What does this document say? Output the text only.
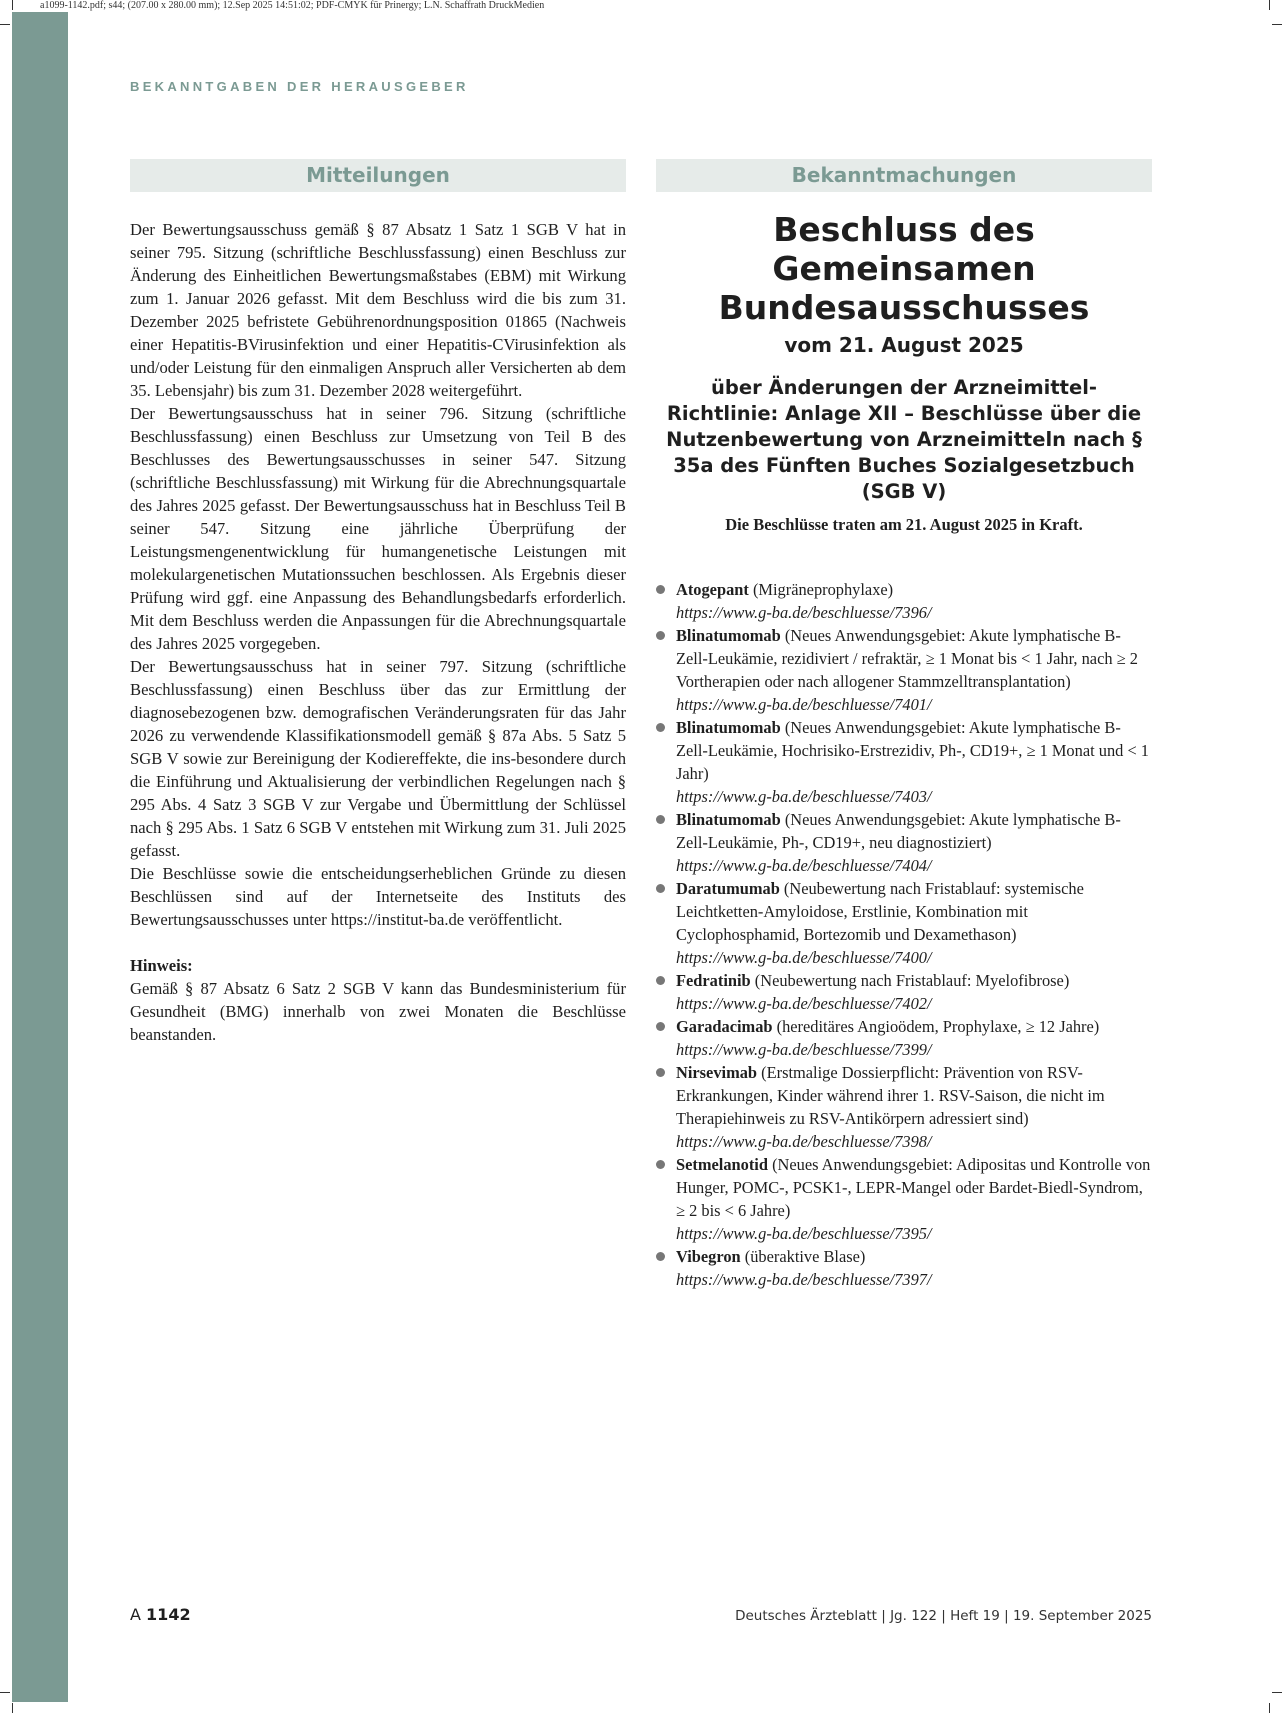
a1099-1142.pdf; s44; (207.00 x 280.00 mm); 12.Sep 2025 14:51:02; PDF-CMYK für Prinergy; L.N. Schaffrath DruckMedien
BEKANNTGABEN DER HERAUSGEBER
Mitteilungen	Bekanntmachungen

Der Bewertungsausschuss gemäß § 87 Absatz 1 Satz 1 SGB V hat in seiner 795. Sitzung (schriftliche Beschlussfassung) einen Beschluss zur Änderung des Einheitlichen Bewertungsmaßstabes (EBM) mit Wirkung zum 1. Januar 2026 gefasst. Mit dem Beschluss wird die bis zum 31. Dezember 2025 befristete Gebührenordnungsposition 01865 (Nachweis einer Hepatitis-BVirusinfektion und einer Hepatitis-CVirusinfektion als und/oder Leistung für den einmaligen Anspruch aller Versicherten ab dem 35. Lebensjahr) bis zum 31. Dezember 2028 weitergeführt.

Der Bewertungsausschuss hat in seiner 796. Sitzung (schriftliche Beschlussfassung) einen Beschluss zur Umsetzung von Teil B des Beschlusses des Bewertungsausschusses in seiner 547. Sitzung (schriftliche Beschlussfassung) mit Wirkung für die Abrechnungsquartale des Jahres 2025 gefasst. Der Bewertungsausschuss hat in Beschluss Teil B seiner 547. Sitzung eine jährliche Überprüfung der Leistungsmengenentwicklung für humangenetische Leistungen mit molekulargenetischen Mutationssuchen beschlossen. Als Ergebnis dieser Prüfung wird ggf. eine Anpassung des Behandlungsbedarfs erforderlich. Mit dem Beschluss werden die Anpassungen für die Abrechnungsquartale des Jahres 2025 vorgegeben.

Der Bewertungsausschuss hat in seiner 797. Sitzung (schriftliche Beschlussfassung) einen Beschluss über das zur Ermittlung der diagnosebezogenen bzw. demografischen Veränderungsraten für das Jahr 2026 zu verwendende Klassifikationsmodell gemäß § 87a Abs. 5 Satz 5 SGB V sowie zur Bereinigung der Kodiereffekte, die ins-besondere durch die Einführung und Aktualisierung der verbindlichen Regelungen nach § 295 Abs. 4 Satz 3 SGB V zur Vergabe und Übermittlung der Schlüssel nach § 295 Abs. 1 Satz 6 SGB V entstehen mit Wirkung zum 31. Juli 2025 gefasst.

Die Beschlüsse sowie die entscheidungserheblichen Gründe zu diesen Beschlüssen sind auf der Internetseite des Instituts des Bewertungsausschusses unter https://institut-ba.de veröffentlicht.

Hinweis:

Gemäß § 87 Absatz 6 Satz 2 SGB V kann das Bundesministerium für Gesundheit (BMG) innerhalb von zwei Monaten die Beschlüsse beanstanden.

Beschluss des Gemeinsamen Bundesausschusses

vom 21. August 2025

über Änderungen der Arzneimittel-Richtlinie: Anlage XII – Beschlüsse über die Nutzenbewertung von Arzneimitteln nach § 35a des Fünften Buches Sozialgesetzbuch (SGB V)

Die Beschlüsse traten am 21. August 2025 in Kraft.

Atogepant (Migräneprophylaxe)
https://www.g-ba.de/beschluesse/7396/
Blinatumomab (Neues Anwendungsgebiet: Akute lymphatische B-Zell-Leukämie, rezidiviert / refraktär, ≥ 1 Monat bis < 1 Jahr, nach ≥ 2 Vortherapien oder nach allogener Stammzelltransplantation)
https://www.g-ba.de/beschluesse/7401/
Blinatumomab (Neues Anwendungsgebiet: Akute lymphatische B-Zell-Leukämie, Hochrisiko-Erstrezidiv, Ph-, CD19+, ≥ 1 Monat und < 1 Jahr)
https://www.g-ba.de/beschluesse/7403/
Blinatumomab (Neues Anwendungsgebiet: Akute lymphatische B-Zell-Leukämie, Ph-, CD19+, neu diagnostiziert)
https://www.g-ba.de/beschluesse/7404/
Daratumumab (Neubewertung nach Fristablauf: systemische Leichtketten-Amyloidose, Erstlinie, Kombination mit Cyclophosphamid, Bortezomib und Dexamethason)
https://www.g-ba.de/beschluesse/7400/
Fedratinib (Neubewertung nach Fristablauf: Myelofibrose)
https://www.g-ba.de/beschluesse/7402/
Garadacimab (hereditäres Angioödem, Prophylaxe, ≥ 12 Jahre)
https://www.g-ba.de/beschluesse/7399/
Nirsevimab (Erstmalige Dossierpflicht: Prävention von RSV-Erkrankungen, Kinder während ihrer 1. RSV-Saison, die nicht im Therapiehinweis zu RSV-Antikörpern adressiert sind)
https://www.g-ba.de/beschluesse/7398/
Setmelanotid (Neues Anwendungsgebiet: Adipositas und Kontrolle von Hunger, POMC-, PCSK1-, LEPR-Mangel oder Bardet-Biedl-Syndrom, ≥ 2 bis < 6 Jahre)
https://www.g-ba.de/beschluesse/7395/
Vibegron (überaktive Blase)
https://www.g-ba.de/beschluesse/7397/
A 1142	Deutsches Ärzteblatt | Jg. 122 | Heft 19 | 19. September 2025
